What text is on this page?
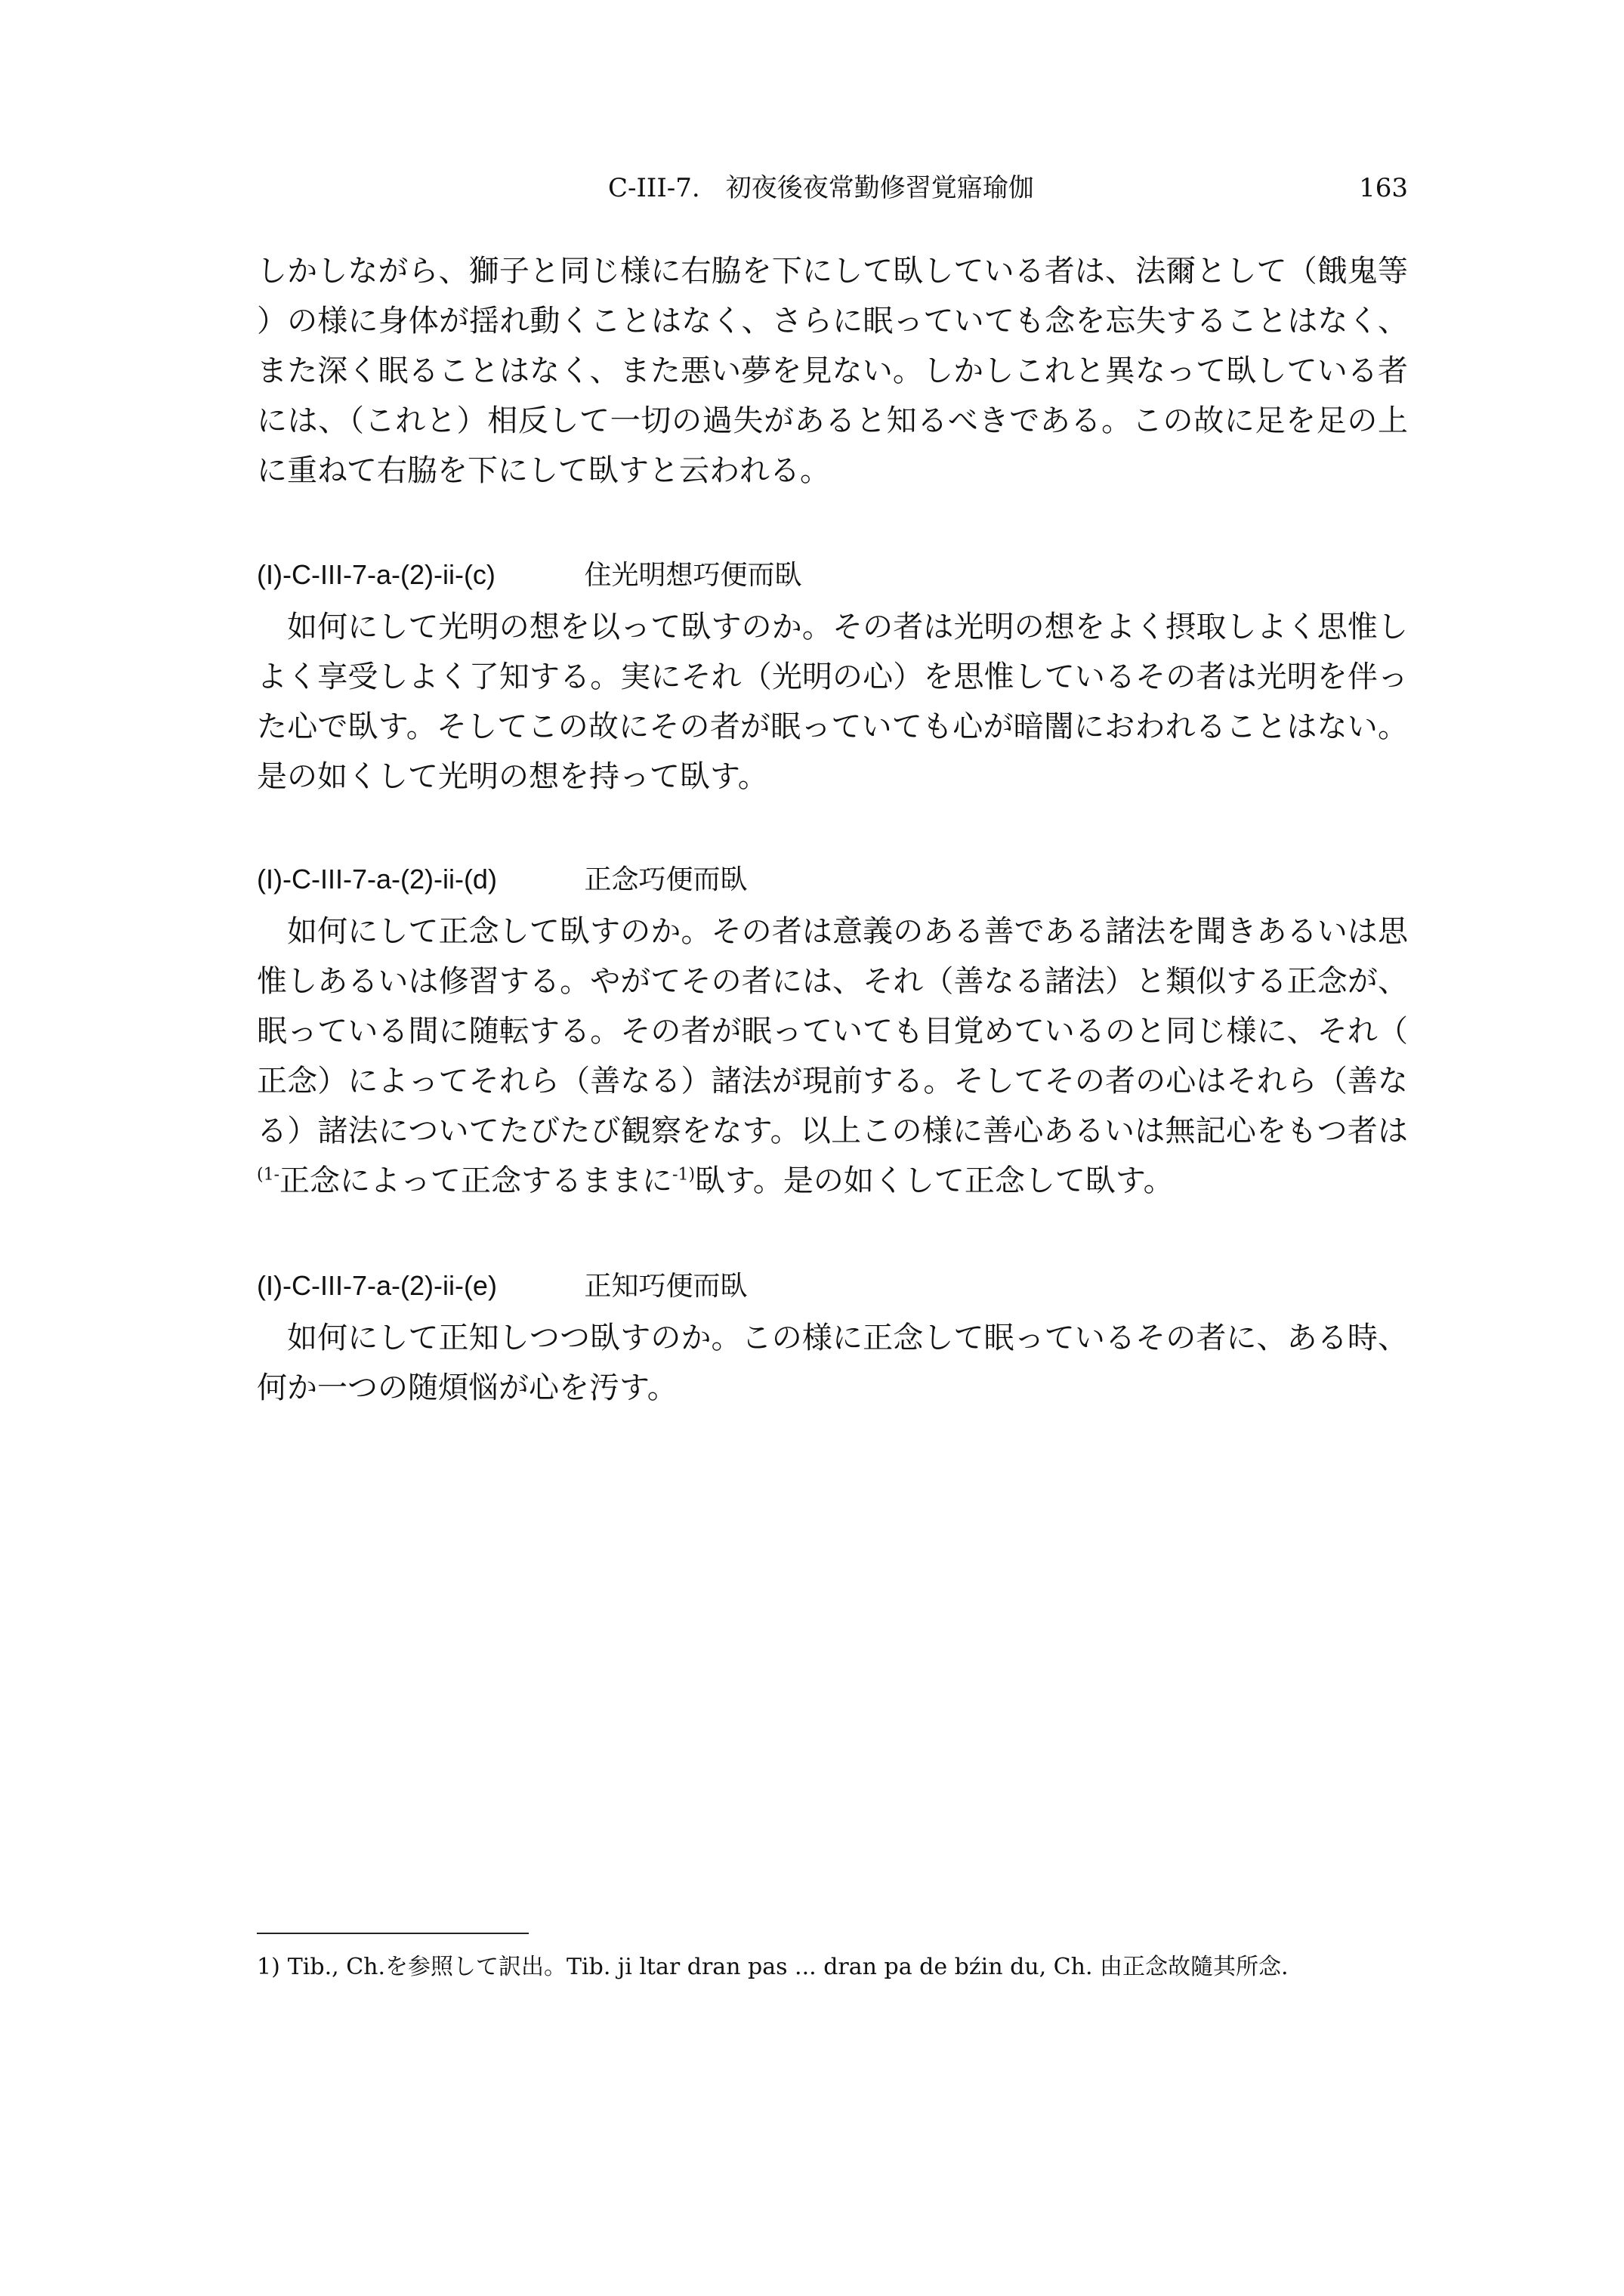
C-III-7.　初夜後夜常勤修習覚寤瑜伽	163

しかしながら、獅子と同じ様に右脇を下にして臥している者は、法爾として（餓鬼等）の様に身体が揺れ動くことはなく、さらに眠っていても念を忘失することはなく、また深く眠ることはなく、また悪い夢を見ない。しかしこれと異なって臥している者には、（これと）相反して一切の過失があると知るべきである。この故に足を足の上に重ねて右脇を下にして臥すと云われる。

(I)-C-III-7-a-(2)-ii-(c)	住光明想巧便而臥

如何にして光明の想を以って臥すのか。その者は光明の想をよく摂取しよく思惟しよく享受しよく了知する。実にそれ（光明の心）を思惟しているその者は光明を伴った心で臥す。そしてこの故にその者が眠っていても心が暗闇におわれることはない。是の如くして光明の想を持って臥す。

(I)-C-III-7-a-(2)-ii-(d)	正念巧便而臥

如何にして正念して臥すのか。その者は意義のある善である諸法を聞きあるいは思惟しあるいは修習する。やがてその者には、それ（善なる諸法）と類似する正念が、眠っている間に随転する。その者が眠っていても目覚めているのと同じ様に、それ（正念）によってそれら（善なる）諸法が現前する。そしてその者の心はそれら（善なる）諸法についてたびたび観察をなす。以上この様に善心あるいは無記心をもつ者は$^{(1-}$正念によって正念するままに$^{-1)}$臥す。是の如くして正念して臥す。

(I)-C-III-7-a-(2)-ii-(e)	正知巧便而臥

如何にして正知しつつ臥すのか。この様に正念して眠っているその者に、ある時、何か一つの随煩悩が心を汚す。

1) Tib., Ch.を参照して訳出。Tib. ji ltar dran pas ... dran pa de bźin du, Ch. 由正念故隨其所念.
